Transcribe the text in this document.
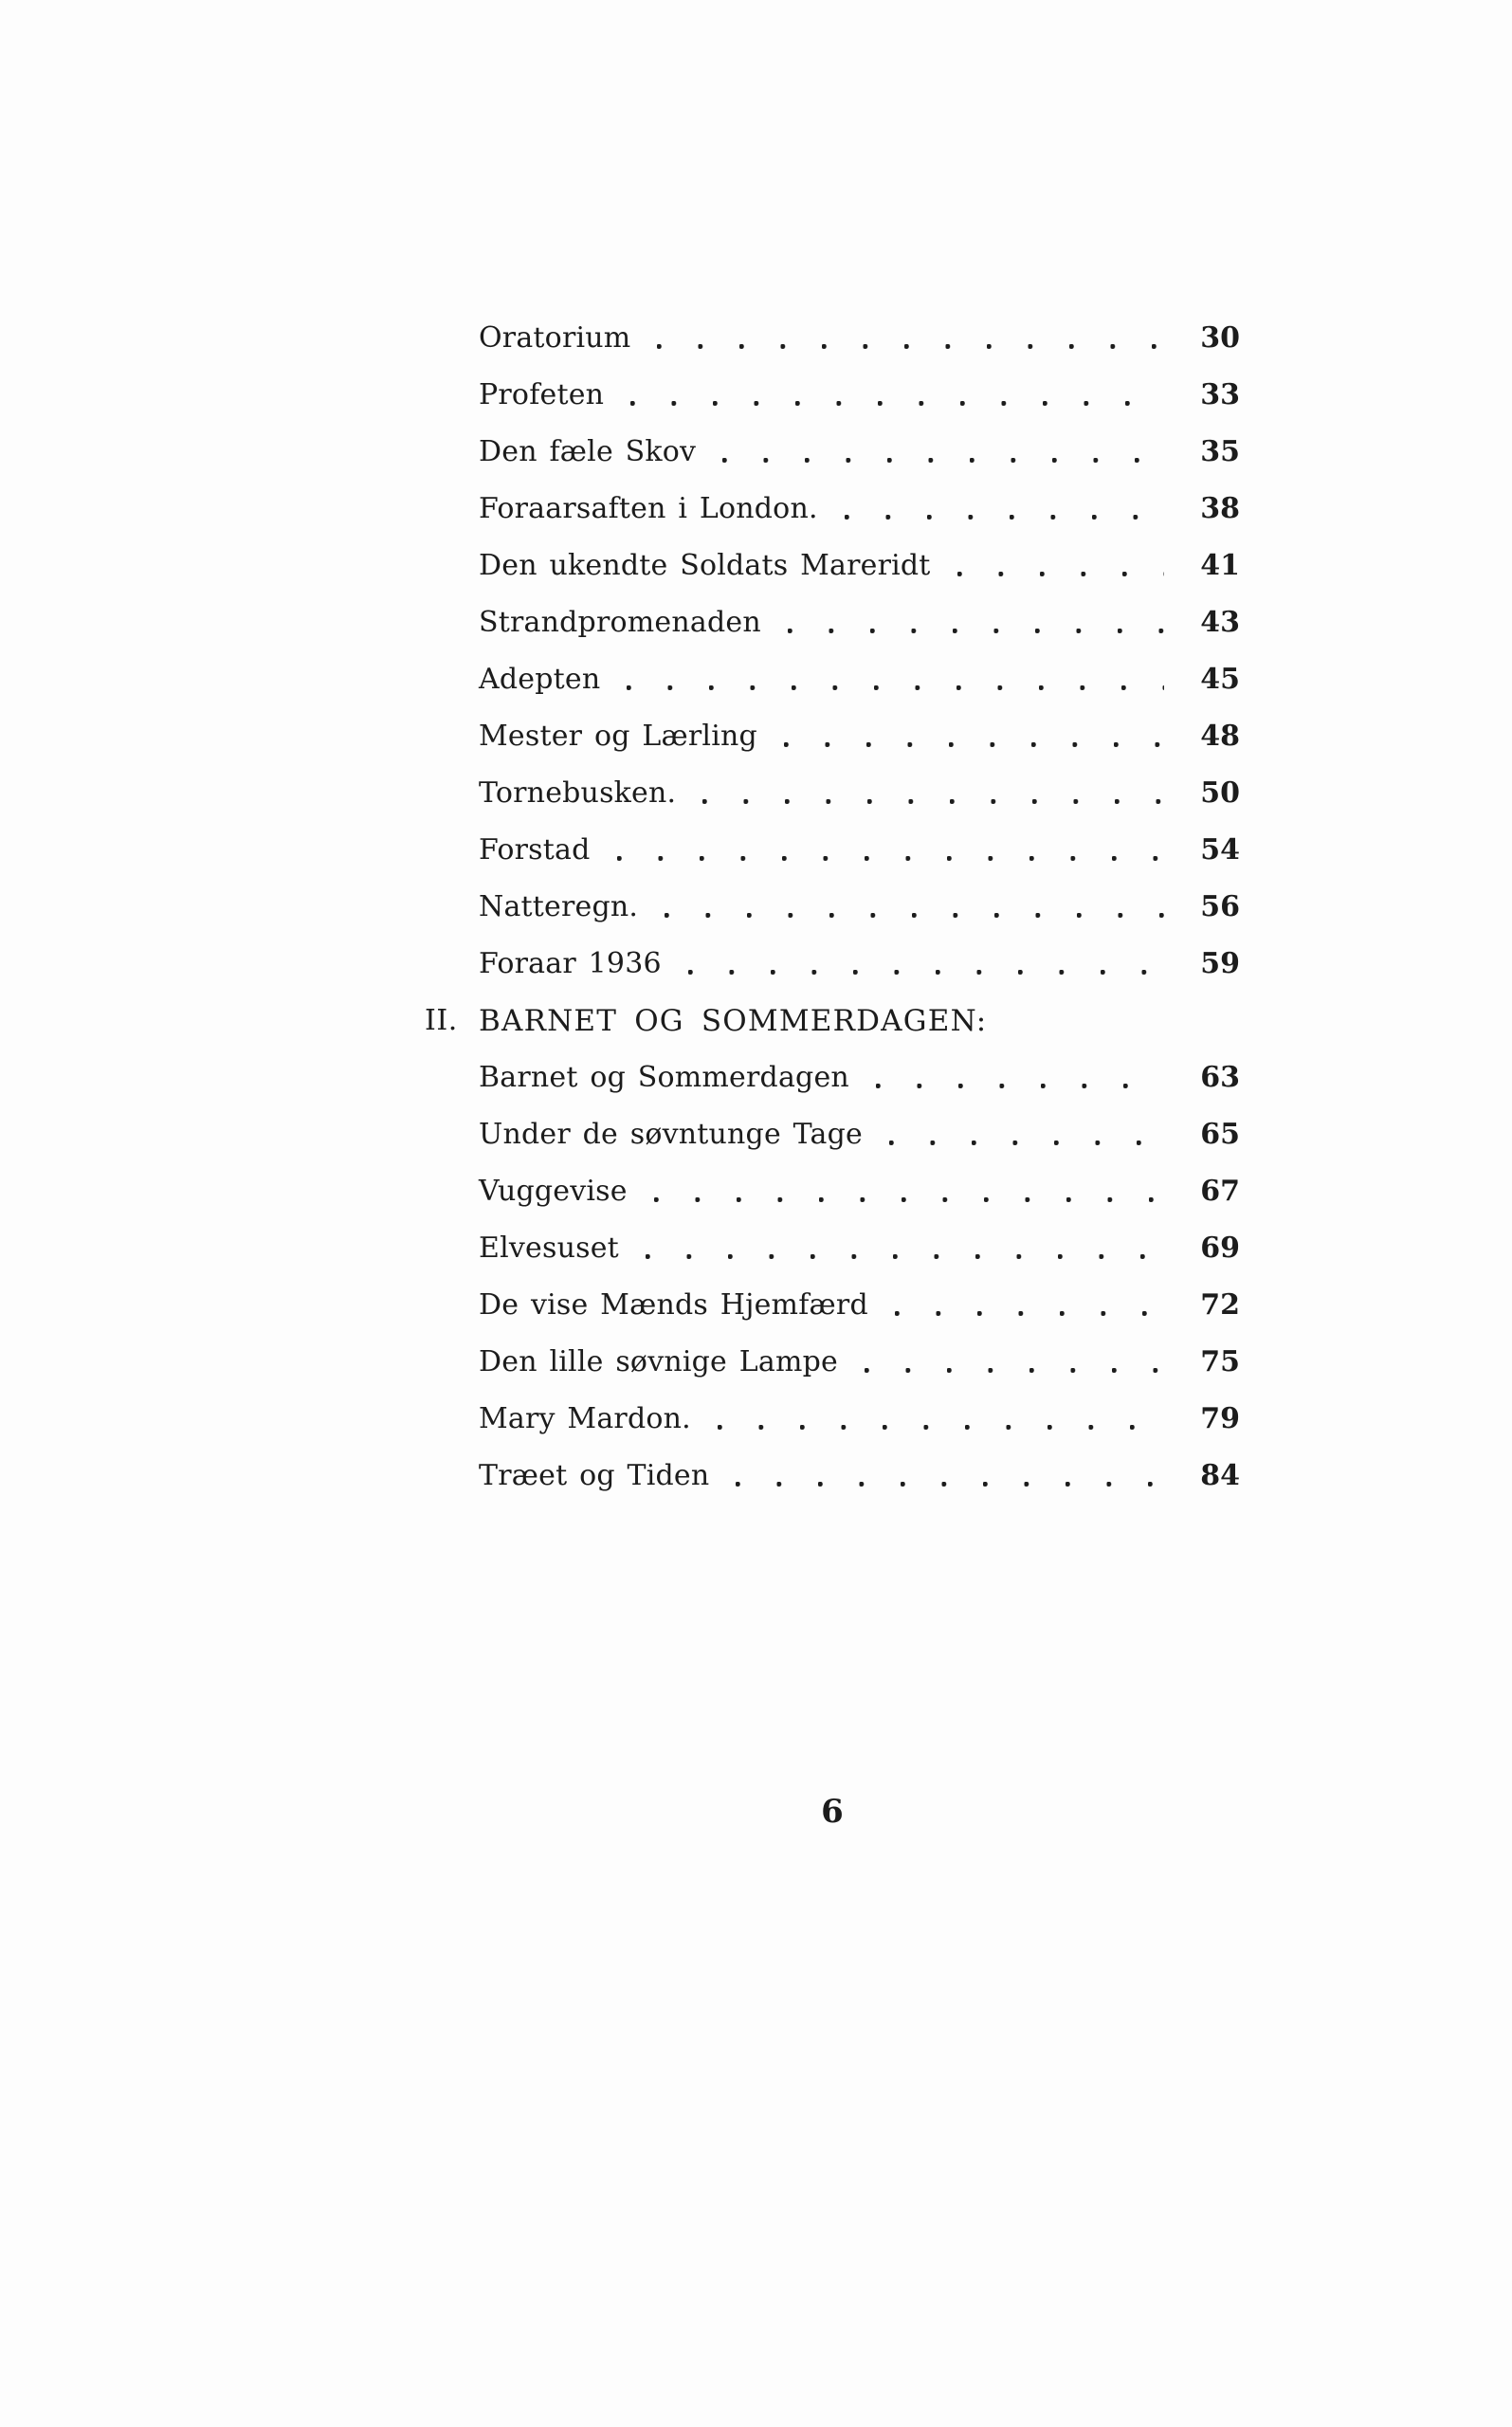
Oratorium	30
Profeten	33
Den fæle Skov	35
Foraarsaften i London.	38
Den ukendte Soldats Mareridt	41
Strandpromenaden	43
Adepten	45
Mester og Lærling	48
Tornebusken.	50
Forstad	54
Natteregn.	56
Foraar 1936	59
II. BARNET OG SOMMERDAGEN:
Barnet og Sommerdagen	63
Under de søvntunge Tage	65
Vuggevise	67
Elvesuset	69
De vise Mænds Hjemfærd	72
Den lille søvnige Lampe	75
Mary Mardon.	79
Træet og Tiden	84
6
